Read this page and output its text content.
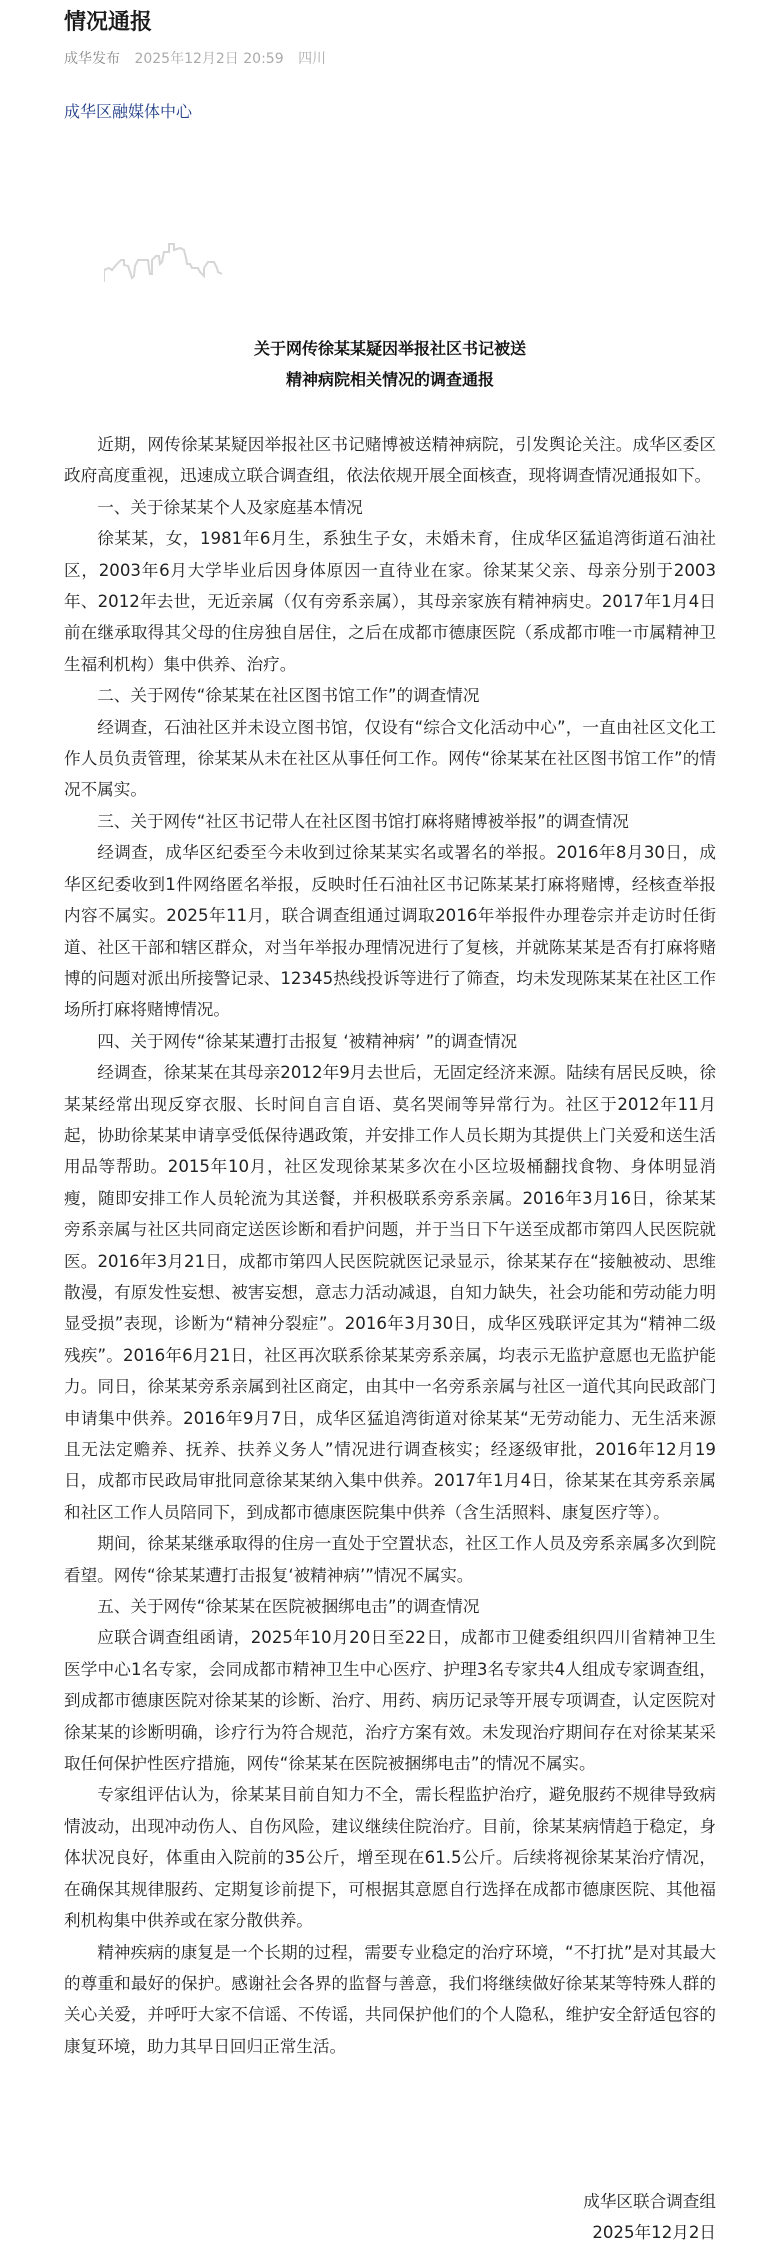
情况通报
成华发布 2025年12月2日 20:59 四川
成华区融媒体中心
关于网传徐某某疑因举报社区书记被送
精神病院相关情况的调查通报

近期，网传徐某某疑因举报社区书记赌博被送精神病院，引发舆论关注。成华区委区政府高度重视，迅速成立联合调查组，依法依规开展全面核查，现将调查情况通报如下。

一、关于徐某某个人及家庭基本情况

徐某某，女，1981年6月生，系独生子女，未婚未育，住成华区猛追湾街道石油社区，2003年6月大学毕业后因身体原因一直待业在家。徐某某父亲、母亲分别于2003年、2012年去世，无近亲属（仅有旁系亲属），其母亲家族有精神病史。2017年1月4日前在继承取得其父母的住房独自居住，之后在成都市德康医院（系成都市唯一市属精神卫生福利机构）集中供养、治疗。

二、关于网传“徐某某在社区图书馆工作”的调查情况

经调查，石油社区并未设立图书馆，仅设有“综合文化活动中心”，一直由社区文化工作人员负责管理，徐某某从未在社区从事任何工作。网传“徐某某在社区图书馆工作”的情况不属实。

三、关于网传“社区书记带人在社区图书馆打麻将赌博被举报”的调查情况

经调查，成华区纪委至今未收到过徐某某实名或署名的举报。2016年8月30日，成华区纪委收到1件网络匿名举报，反映时任石油社区书记陈某某打麻将赌博，经核查举报内容不属实。2025年11月，联合调查组通过调取2016年举报件办理卷宗并走访时任街道、社区干部和辖区群众，对当年举报办理情况进行了复核，并就陈某某是否有打麻将赌博的问题对派出所接警记录、12345热线投诉等进行了筛查，均未发现陈某某在社区工作场所打麻将赌博情况。

四、关于网传“徐某某遭打击报复 ‘被精神病’ ”的调查情况

经调查，徐某某在其母亲2012年9月去世后，无固定经济来源。陆续有居民反映，徐某某经常出现反穿衣服、长时间自言自语、莫名哭闹等异常行为。社区于2012年11月起，协助徐某某申请享受低保待遇政策，并安排工作人员长期为其提供上门关爱和送生活用品等帮助。2015年10月，社区发现徐某某多次在小区垃圾桶翻找食物、身体明显消瘦，随即安排工作人员轮流为其送餐，并积极联系旁系亲属。2016年3月16日，徐某某旁系亲属与社区共同商定送医诊断和看护问题，并于当日下午送至成都市第四人民医院就医。2016年3月21日，成都市第四人民医院就医记录显示，徐某某存在“接触被动、思维散漫，有原发性妄想、被害妄想，意志力活动减退，自知力缺失，社会功能和劳动能力明显受损”表现，诊断为“精神分裂症”。2016年3月30日，成华区残联评定其为“精神二级残疾”。2016年6月21日，社区再次联系徐某某旁系亲属，均表示无监护意愿也无监护能力。同日，徐某某旁系亲属到社区商定，由其中一名旁系亲属与社区一道代其向民政部门申请集中供养。2016年9月7日，成华区猛追湾街道对徐某某“无劳动能力、无生活来源且无法定赡养、抚养、扶养义务人”情况进行调查核实；经逐级审批，2016年12月19日，成都市民政局审批同意徐某某纳入集中供养。2017年1月4日，徐某某在其旁系亲属和社区工作人员陪同下，到成都市德康医院集中供养（含生活照料、康复医疗等）。

期间，徐某某继承取得的住房一直处于空置状态，社区工作人员及旁系亲属多次到院看望。网传“徐某某遭打击报复‘被精神病’”情况不属实。

五、关于网传“徐某某在医院被捆绑电击”的调查情况

应联合调查组函请，2025年10月20日至22日，成都市卫健委组织四川省精神卫生医学中心1名专家，会同成都市精神卫生中心医疗、护理3名专家共4人组成专家调查组，到成都市德康医院对徐某某的诊断、治疗、用药、病历记录等开展专项调查，认定医院对徐某某的诊断明确，诊疗行为符合规范，治疗方案有效。未发现治疗期间存在对徐某某采取任何保护性医疗措施，网传“徐某某在医院被捆绑电击”的情况不属实。

专家组评估认为，徐某某目前自知力不全，需长程监护治疗，避免服药不规律导致病情波动，出现冲动伤人、自伤风险，建议继续住院治疗。目前，徐某某病情趋于稳定，身体状况良好，体重由入院前的35公斤，增至现在61.5公斤。后续将视徐某某治疗情况，在确保其规律服药、定期复诊前提下，可根据其意愿自行选择在成都市德康医院、其他福利机构集中供养或在家分散供养。

精神疾病的康复是一个长期的过程，需要专业稳定的治疗环境，“不打扰”是对其最大的尊重和最好的保护。感谢社会各界的监督与善意，我们将继续做好徐某某等特殊人群的关心关爱，并呼吁大家不信谣、不传谣，共同保护他们的个人隐私，维护安全舒适包容的康复环境，助力其早日回归正常生活。

成华区联合调查组
2025年12月2日
